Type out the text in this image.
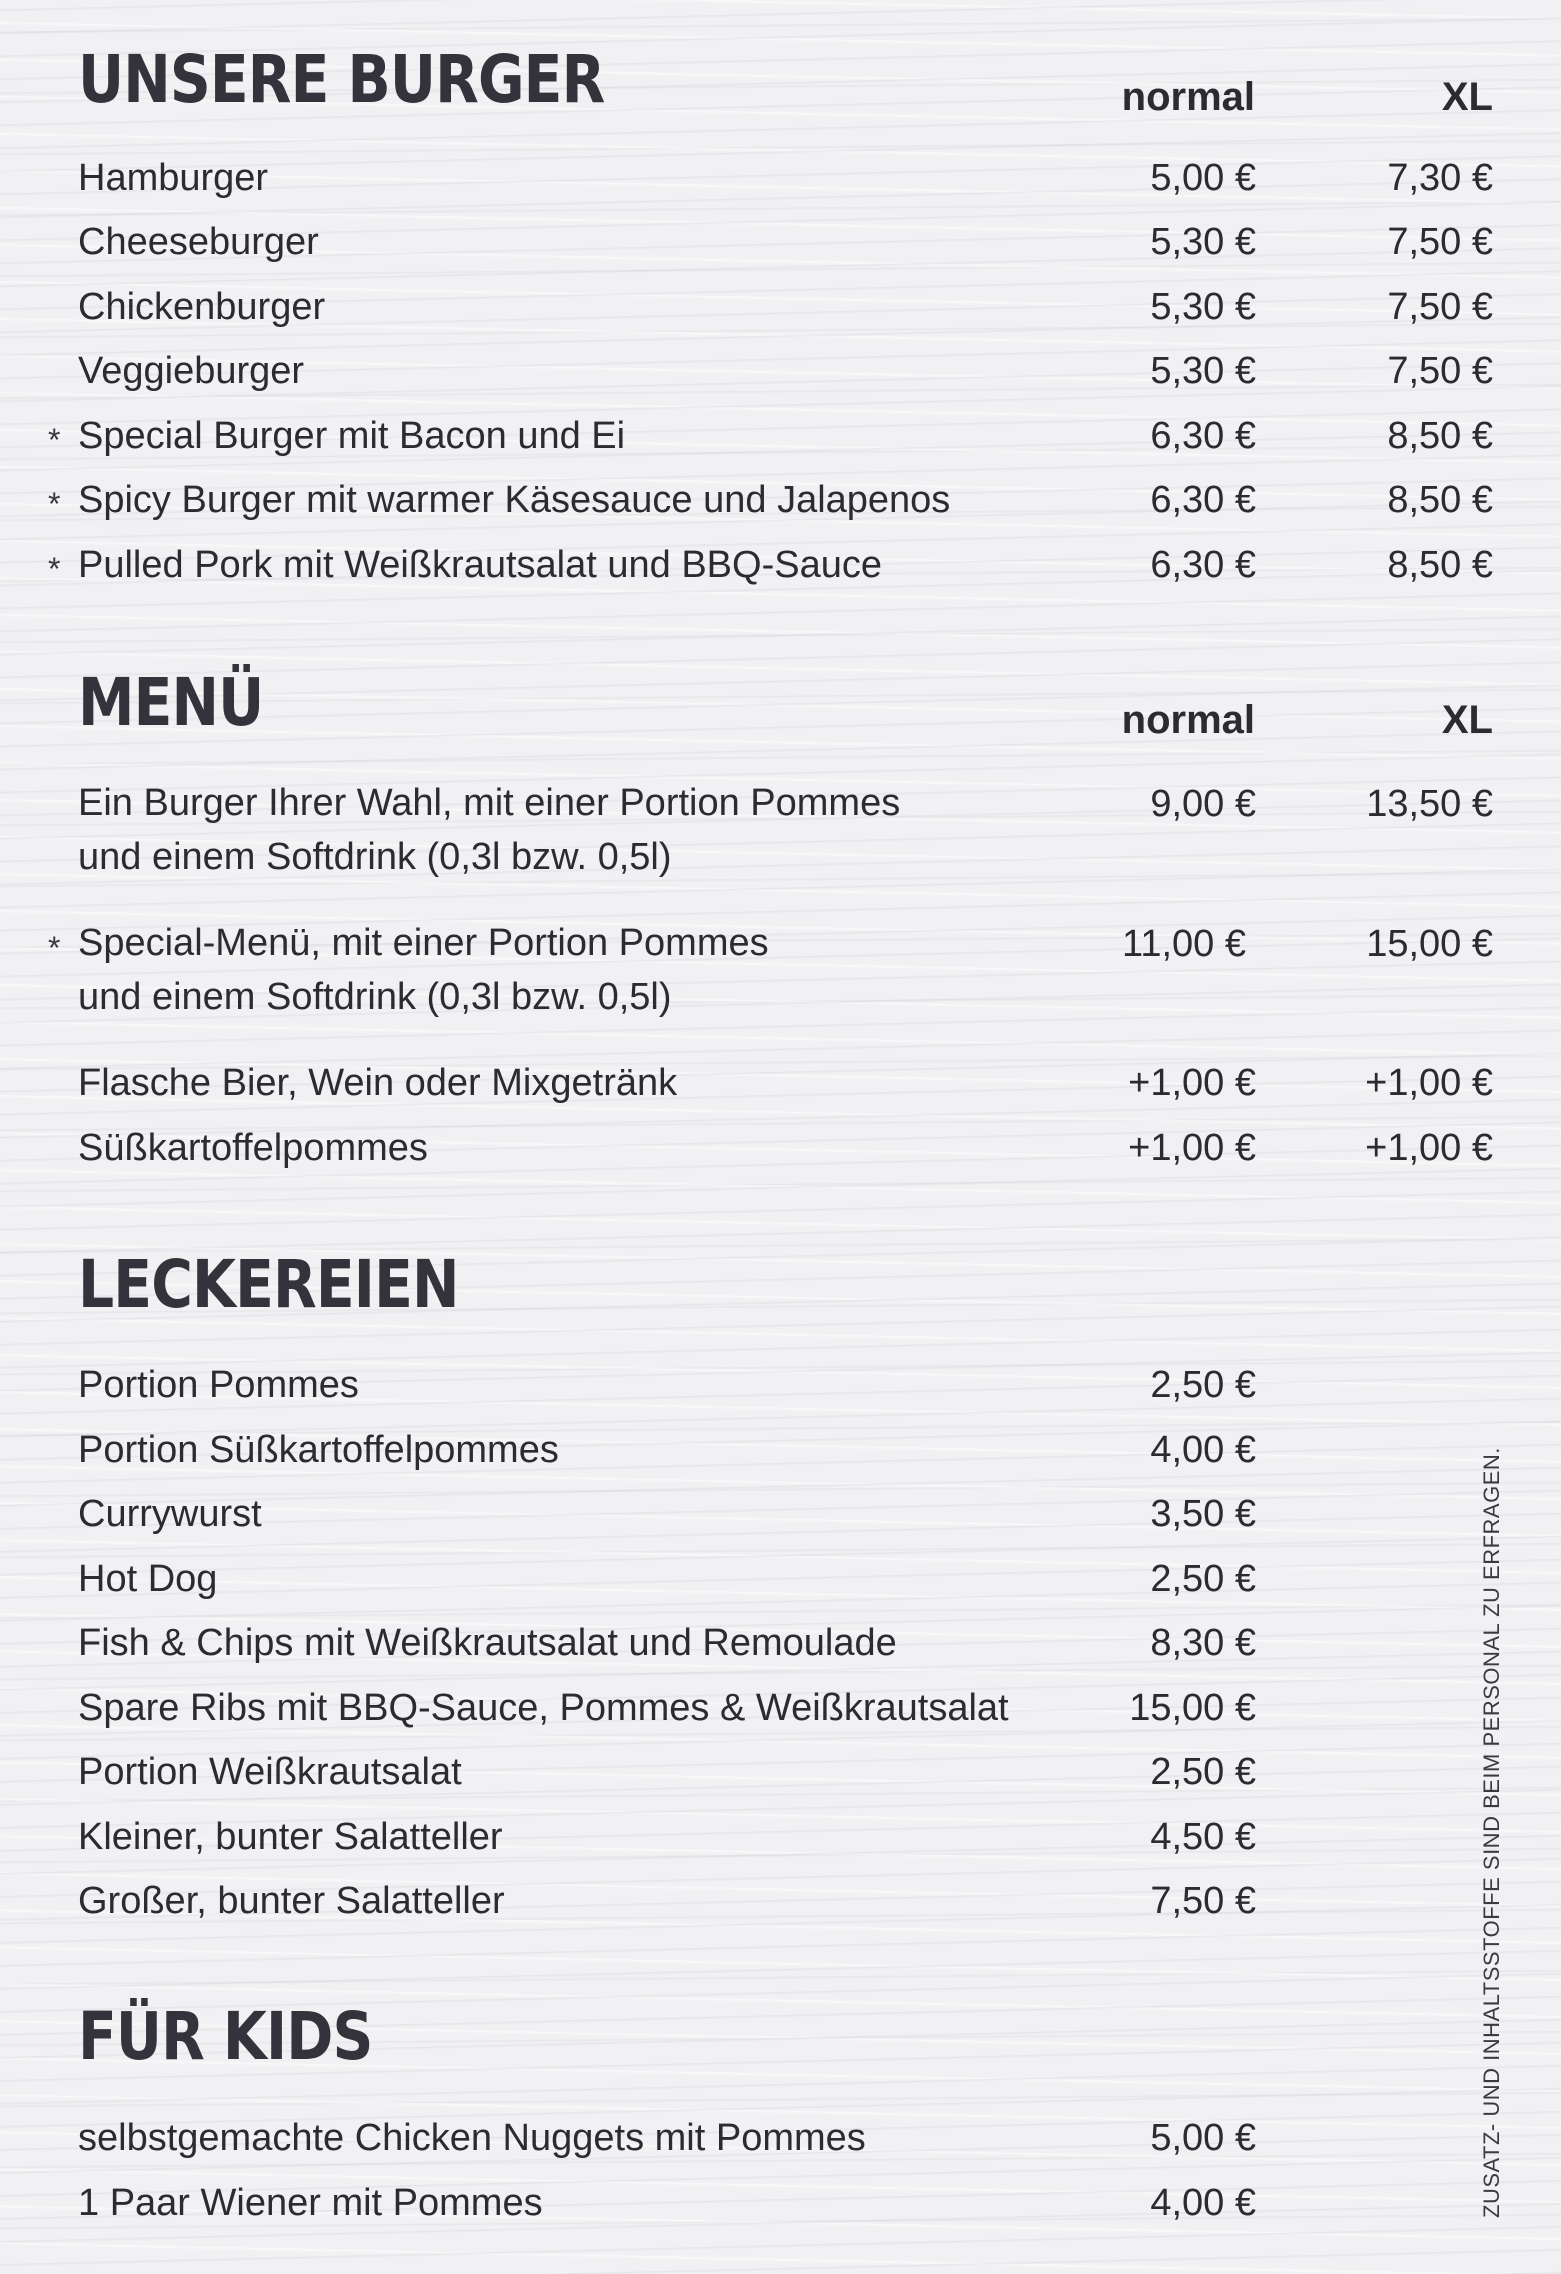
UNSERE BURGER	normal	XL
Hamburger	5,00 €	7,30 €
Cheeseburger	5,30 €	7,50 €
Chickenburger	5,30 €	7,50 €
Veggieburger	5,30 €	7,50 €
* Special Burger mit Bacon und Ei	6,30 €	8,50 €
* Spicy Burger mit warmer Käsesauce und Jalapenos	6,30 €	8,50 €
* Pulled Pork mit Weißkrautsalat und BBQ-Sauce	6,30 €	8,50 €
MENÜ	normal	XL
Ein Burger Ihrer Wahl, mit einer Portion Pommes
und einem Softdrink (0,3l bzw. 0,5l)
9,00 €	13,50 €
* Special-Menü, mit einer Portion Pommes
und einem Softdrink (0,3l bzw. 0,5l)
11,00 €	15,00 €
Flasche Bier, Wein oder Mixgetränk	+1,00 €	+1,00 €
Süßkartoffelpommes	+1,00 €	+1,00 €
LECKEREIEN
Portion Pommes	2,50 €
Portion Süßkartoffelpommes	4,00 €
Currywurst	3,50 €
Hot Dog	2,50 €
Fish & Chips mit Weißkrautsalat und Remoulade	8,30 €
Spare Ribs mit BBQ-Sauce, Pommes & Weißkrautsalat	15,00 €
Portion Weißkrautsalat	2,50 €
Kleiner, bunter Salatteller	4,50 €
Großer, bunter Salatteller	7,50 €
FÜR KIDS
selbstgemachte Chicken Nuggets mit Pommes	5,00 €
1 Paar Wiener mit Pommes	4,00 €	ZUSATZ- UND INHALTSSTOFFE SIND BEIM PERSONAL ZU ERFRAGEN.
